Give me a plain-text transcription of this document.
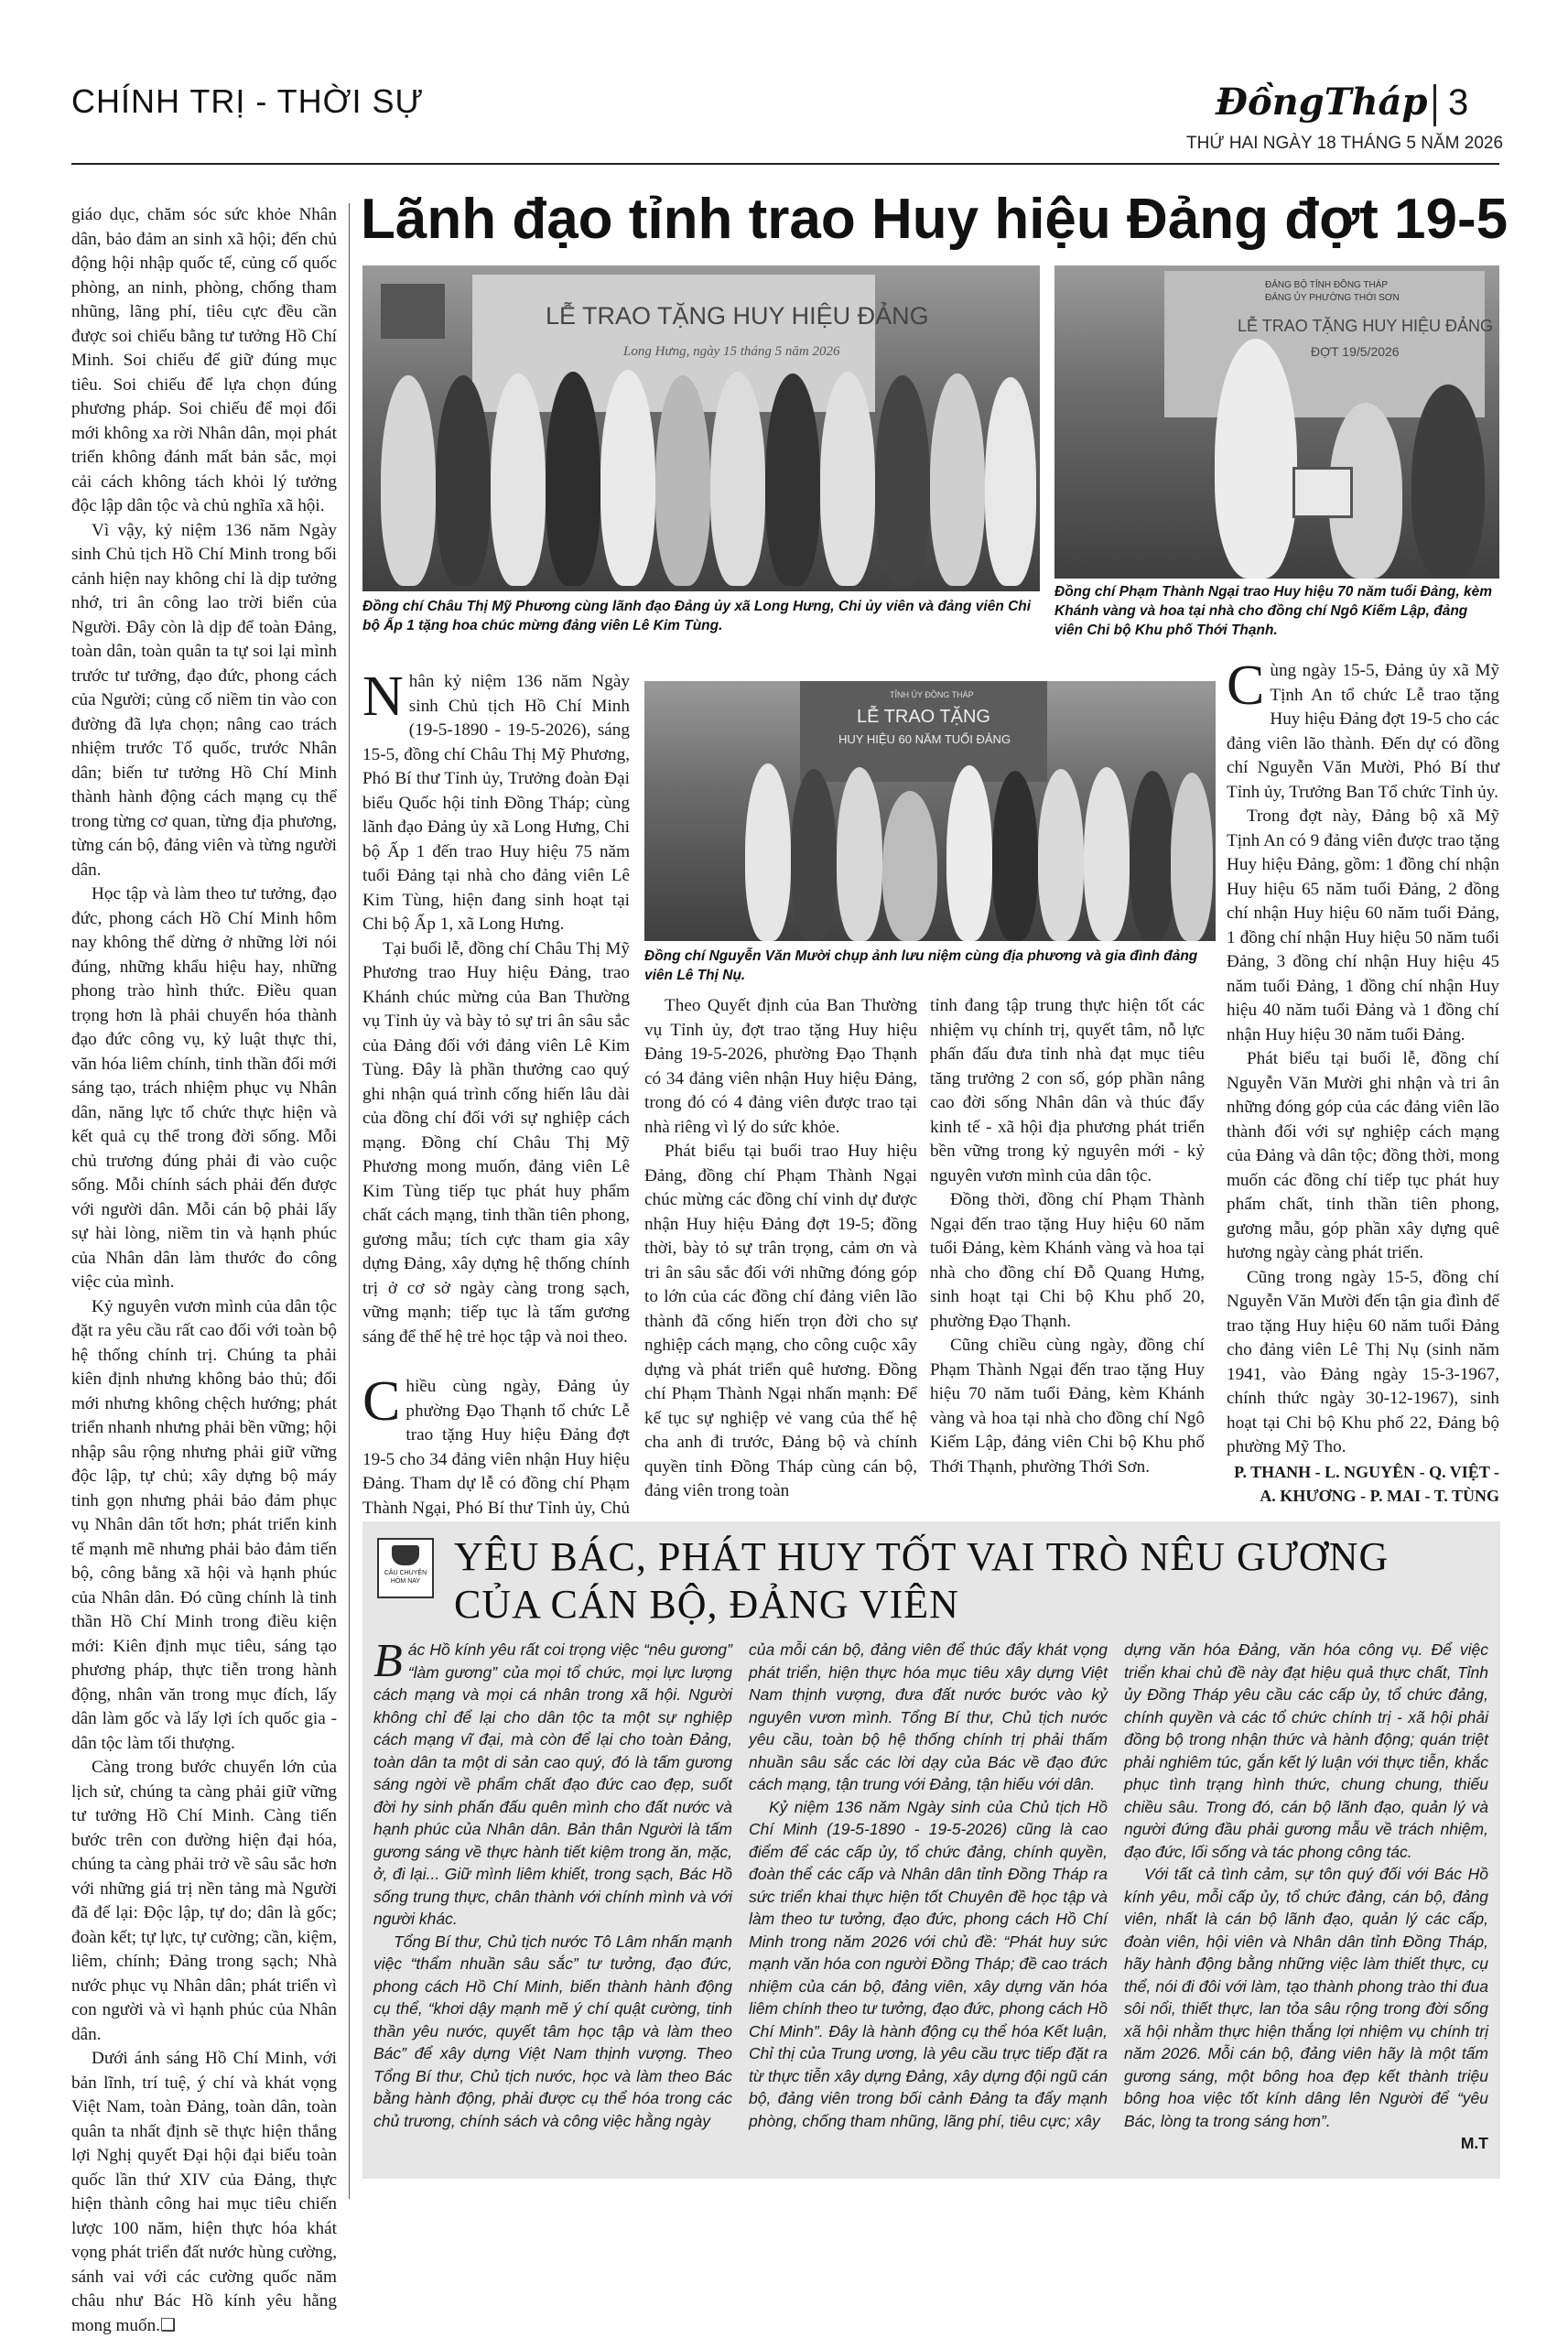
CHÍNH TRỊ - THỜI SỰ	ĐồngTháp 3
THỨ HAI NGÀY 18 THÁNG 5 NĂM 2026

giáo dục, chăm sóc sức khỏe Nhân dân, bảo đảm an sinh xã hội; đến chủ động hội nhập quốc tế, củng cố quốc phòng, an ninh, phòng, chống tham nhũng, lãng phí, tiêu cực đều cần được soi chiếu bằng tư tưởng Hồ Chí Minh. Soi chiếu để giữ đúng mục tiêu. Soi chiếu để lựa chọn đúng phương pháp. Soi chiếu để mọi đổi mới không xa rời Nhân dân, mọi phát triển không đánh mất bản sắc, mọi cải cách không tách khỏi lý tưởng độc lập dân tộc và chủ nghĩa xã hội.

Vì vậy, kỷ niệm 136 năm Ngày sinh Chủ tịch Hồ Chí Minh trong bối cảnh hiện nay không chỉ là dịp tưởng nhớ, tri ân công lao trời biển của Người. Đây còn là dịp để toàn Đảng, toàn dân, toàn quân ta tự soi lại mình trước tư tưởng, đạo đức, phong cách của Người; củng cố niềm tin vào con đường đã lựa chọn; nâng cao trách nhiệm trước Tổ quốc, trước Nhân dân; biến tư tưởng Hồ Chí Minh thành hành động cách mạng cụ thể trong từng cơ quan, từng địa phương, từng cán bộ, đảng viên và từng người dân.

Học tập và làm theo tư tưởng, đạo đức, phong cách Hồ Chí Minh hôm nay không thể dừng ở những lời nói đúng, những khẩu hiệu hay, những phong trào hình thức. Điều quan trọng hơn là phải chuyển hóa thành đạo đức công vụ, kỷ luật thực thi, văn hóa liêm chính, tinh thần đổi mới sáng tạo, trách nhiệm phục vụ Nhân dân, năng lực tổ chức thực hiện và kết quả cụ thể trong đời sống. Mỗi chủ trương đúng phải đi vào cuộc sống. Mỗi chính sách phải đến được với người dân. Mỗi cán bộ phải lấy sự hài lòng, niềm tin và hạnh phúc của Nhân dân làm thước đo công việc của mình.

Kỷ nguyên vươn mình của dân tộc đặt ra yêu cầu rất cao đối với toàn bộ hệ thống chính trị. Chúng ta phải kiên định nhưng không bảo thủ; đổi mới nhưng không chệch hướng; phát triển nhanh nhưng phải bền vững; hội nhập sâu rộng nhưng phải giữ vững độc lập, tự chủ; xây dựng bộ máy tinh gọn nhưng phải bảo đảm phục vụ Nhân dân tốt hơn; phát triển kinh tế mạnh mẽ nhưng phải bảo đảm tiến bộ, công bằng xã hội và hạnh phúc của Nhân dân. Đó cũng chính là tinh thần Hồ Chí Minh trong điều kiện mới: Kiên định mục tiêu, sáng tạo phương pháp, thực tiễn trong hành động, nhân văn trong mục đích, lấy dân làm gốc và lấy lợi ích quốc gia - dân tộc làm tối thượng.

Càng trong bước chuyển lớn của lịch sử, chúng ta càng phải giữ vững tư tưởng Hồ Chí Minh. Càng tiến bước trên con đường hiện đại hóa, chúng ta càng phải trở về sâu sắc hơn với những giá trị nền tảng mà Người đã để lại: Độc lập, tự do; dân là gốc; đoàn kết; tự lực, tự cường; cần, kiệm, liêm, chính; Đảng trong sạch; Nhà nước phục vụ Nhân dân; phát triển vì con người và vì hạnh phúc của Nhân dân.

Dưới ánh sáng Hồ Chí Minh, với bản lĩnh, trí tuệ, ý chí và khát vọng Việt Nam, toàn Đảng, toàn dân, toàn quân ta nhất định sẽ thực hiện thắng lợi Nghị quyết Đại hội đại biểu toàn quốc lần thứ XIV của Đảng, thực hiện thành công hai mục tiêu chiến lược 100 năm, hiện thực hóa khát vọng phát triển đất nước hùng cường, sánh vai với các cường quốc năm châu như Bác Hồ kính yêu hằng mong muốn.❑

Lãnh đạo tỉnh trao Huy hiệu Đảng đợt 19-5
LỄ TRAO TẶNG HUY HIỆU ĐẢNG
Long Hưng, ngày 15 tháng 5 năm 2026
Đồng chí Châu Thị Mỹ Phương cùng lãnh đạo Đảng ủy xã Long Hưng, Chi ủy viên và đảng viên Chi bộ Ấp 1 tặng hoa chúc mừng đảng viên Lê Kim Tùng.
ĐẢNG BỘ TỈNH ĐỒNG THÁP
ĐẢNG ỦY PHƯỜNG THỚI SƠN
LỄ TRAO TẶNG HUY HIỆU ĐẢNG
ĐỢT 19/5/2026
Đồng chí Phạm Thành Ngại trao Huy hiệu 70 năm tuổi Đảng, kèm Khánh vàng và hoa tại nhà cho đồng chí Ngô Kiếm Lập, đảng viên Chi bộ Khu phố Thới Thạnh.
TỈNH ỦY ĐỒNG THÁP
LỄ TRAO TẶNG
HUY HIỆU 60 NĂM TUỔI ĐẢNG
Đồng chí Nguyễn Văn Mười chụp ảnh lưu niệm cùng địa phương và gia đình đảng viên Lê Thị Nụ.

Nhân kỷ niệm 136 năm Ngày sinh Chủ tịch Hồ Chí Minh (19-5-1890 - 19-5-2026), sáng 15-5, đồng chí Châu Thị Mỹ Phương, Phó Bí thư Tỉnh ủy, Trưởng đoàn Đại biểu Quốc hội tỉnh Đồng Tháp; cùng lãnh đạo Đảng ủy xã Long Hưng, Chi bộ Ấp 1 đến trao Huy hiệu 75 năm tuổi Đảng tại nhà cho đảng viên Lê Kim Tùng, hiện đang sinh hoạt tại Chi bộ Ấp 1, xã Long Hưng.

Tại buổi lễ, đồng chí Châu Thị Mỹ Phương trao Huy hiệu Đảng, trao Khánh chúc mừng của Ban Thường vụ Tỉnh ủy và bày tỏ sự tri ân sâu sắc của Đảng đối với đảng viên Lê Kim Tùng. Đây là phần thưởng cao quý ghi nhận quá trình cống hiến lâu dài của đồng chí đối với sự nghiệp cách mạng. Đồng chí Châu Thị Mỹ Phương mong muốn, đảng viên Lê Kim Tùng tiếp tục phát huy phẩm chất cách mạng, tinh thần tiên phong, gương mẫu; tích cực tham gia xây dựng Đảng, xây dựng hệ thống chính trị ở cơ sở ngày càng trong sạch, vững mạnh; tiếp tục là tấm gương sáng để thế hệ trẻ học tập và noi theo.

Chiều cùng ngày, Đảng ủy phường Đạo Thạnh tổ chức Lễ trao tặng Huy hiệu Đảng đợt 19-5 cho 34 đảng viên nhận Huy hiệu Đảng. Tham dự lễ có đồng chí Phạm Thành Ngại, Phó Bí thư Tỉnh ủy, Chủ

Theo Quyết định của Ban Thường vụ Tỉnh ủy, đợt trao tặng Huy hiệu Đảng 19-5-2026, phường Đạo Thạnh có 34 đảng viên nhận Huy hiệu Đảng, trong đó có 4 đảng viên được trao tại nhà riêng vì lý do sức khỏe.

Phát biểu tại buổi trao Huy hiệu Đảng, đồng chí Phạm Thành Ngại chúc mừng các đồng chí vinh dự được nhận Huy hiệu Đảng đợt 19-5; đồng thời, bày tỏ sự trân trọng, cảm ơn và tri ân sâu sắc đối với những đóng góp to lớn của các đồng chí đảng viên lão thành đã cống hiến trọn đời cho sự nghiệp cách mạng, cho công cuộc xây dựng và phát triển quê hương. Đồng chí Phạm Thành Ngại nhấn mạnh: Để kế tục sự nghiệp vẻ vang của thế hệ cha anh đi trước, Đảng bộ và chính quyền tỉnh Đồng Tháp cùng cán bộ, đảng viên trong toàn

tỉnh đang tập trung thực hiện tốt các nhiệm vụ chính trị, quyết tâm, nỗ lực phấn đấu đưa tỉnh nhà đạt mục tiêu tăng trưởng 2 con số, góp phần nâng cao đời sống Nhân dân và thúc đẩy kinh tế - xã hội địa phương phát triển bền vững trong kỷ nguyên mới - kỷ nguyên vươn mình của dân tộc.

Đồng thời, đồng chí Phạm Thành Ngại đến trao tặng Huy hiệu 60 năm tuổi Đảng, kèm Khánh vàng và hoa tại nhà cho đồng chí Đỗ Quang Hưng, sinh hoạt tại Chi bộ Khu phố 20, phường Đạo Thạnh.

Cũng chiều cùng ngày, đồng chí Phạm Thành Ngại đến trao tặng Huy hiệu 70 năm tuổi Đảng, kèm Khánh vàng và hoa tại nhà cho đồng chí Ngô Kiếm Lập, đảng viên Chi bộ Khu phố Thới Thạnh, phường Thới Sơn.

Cùng ngày 15-5, Đảng ủy xã Mỹ Tịnh An tổ chức Lễ trao tặng Huy hiệu Đảng đợt 19-5 cho các đảng viên lão thành. Đến dự có đồng chí Nguyễn Văn Mười, Phó Bí thư Tỉnh ủy, Trưởng Ban Tổ chức Tỉnh ủy.

Trong đợt này, Đảng bộ xã Mỹ Tịnh An có 9 đảng viên được trao tặng Huy hiệu Đảng, gồm: 1 đồng chí nhận Huy hiệu 65 năm tuổi Đảng, 2 đồng chí nhận Huy hiệu 60 năm tuổi Đảng, 1 đồng chí nhận Huy hiệu 50 năm tuổi Đảng, 3 đồng chí nhận Huy hiệu 45 năm tuổi Đảng, 1 đồng chí nhận Huy hiệu 40 năm tuổi Đảng và 1 đồng chí nhận Huy hiệu 30 năm tuổi Đảng.

Phát biểu tại buổi lễ, đồng chí Nguyễn Văn Mười ghi nhận và tri ân những đóng góp của các đảng viên lão thành đối với sự nghiệp cách mạng của Đảng và dân tộc; đồng thời, mong muốn các đồng chí tiếp tục phát huy phẩm chất, tinh thần tiên phong, gương mẫu, góp phần xây dựng quê hương ngày càng phát triển.

Cũng trong ngày 15-5, đồng chí Nguyễn Văn Mười đến tận gia đình để trao tặng Huy hiệu 60 năm tuổi Đảng cho đảng viên Lê Thị Nụ (sinh năm 1941, vào Đảng ngày 15-3-1967, chính thức ngày 30-12-1967), sinh hoạt tại Chi bộ Khu phố 22, Đảng bộ phường Mỹ Tho.

P. THANH - L. NGUYÊN - Q. VIỆT -
A. KHƯƠNG - P. MAI - T. TÙNG
CÂU CHUYỆN HÔM NAY
YÊU BÁC, PHÁT HUY TỐT VAI TRÒ NÊU GƯƠNG
CỦA CÁN BỘ, ĐẢNG VIÊN

Bác Hồ kính yêu rất coi trọng việc “nêu gương” “làm gương” của mọi tổ chức, mọi lực lượng cách mạng và mọi cá nhân trong xã hội. Người không chỉ để lại cho dân tộc ta một sự nghiệp cách mạng vĩ đại, mà còn để lại cho toàn Đảng, toàn dân ta một di sản cao quý, đó là tấm gương sáng ngời về phẩm chất đạo đức cao đẹp, suốt đời hy sinh phấn đấu quên mình cho đất nước và hạnh phúc của Nhân dân. Bản thân Người là tấm gương sáng về thực hành tiết kiệm trong ăn, mặc, ở, đi lại... Giữ mình liêm khiết, trong sạch, Bác Hồ sống trung thực, chân thành với chính mình và với người khác.

Tổng Bí thư, Chủ tịch nước Tô Lâm nhấn mạnh việc “thẩm nhuần sâu sắc” tư tưởng, đạo đức, phong cách Hồ Chí Minh, biến thành hành động cụ thể, “khơi dậy mạnh mẽ ý chí quật cường, tinh thần yêu nước, quyết tâm học tập và làm theo Bác” để xây dựng Việt Nam thịnh vượng. Theo Tổng Bí thư, Chủ tịch nước, học và làm theo Bác bằng hành động, phải được cụ thể hóa trong các chủ trương, chính sách và công việc hằng ngày

của mỗi cán bộ, đảng viên để thúc đẩy khát vọng phát triển, hiện thực hóa mục tiêu xây dựng Việt Nam thịnh vượng, đưa đất nước bước vào kỷ nguyên vươn mình. Tổng Bí thư, Chủ tịch nước yêu cầu, toàn bộ hệ thống chính trị phải thấm nhuần sâu sắc các lời dạy của Bác về đạo đức cách mạng, tận trung với Đảng, tận hiếu với dân.

Kỷ niệm 136 năm Ngày sinh của Chủ tịch Hồ Chí Minh (19-5-1890 - 19-5-2026) cũng là cao điểm để các cấp ủy, tổ chức đảng, chính quyền, đoàn thể các cấp và Nhân dân tỉnh Đồng Tháp ra sức triển khai thực hiện tốt Chuyên đề học tập và làm theo tư tưởng, đạo đức, phong cách Hồ Chí Minh trong năm 2026 với chủ đề: “Phát huy sức mạnh văn hóa con người Đồng Tháp; đề cao trách nhiệm của cán bộ, đảng viên, xây dựng văn hóa liêm chính theo tư tưởng, đạo đức, phong cách Hồ Chí Minh”. Đây là hành động cụ thể hóa Kết luận, Chỉ thị của Trung ương, là yêu cầu trực tiếp đặt ra từ thực tiễn xây dựng Đảng, xây dựng đội ngũ cán bộ, đảng viên trong bối cảnh Đảng ta đẩy mạnh phòng, chống tham nhũng, lãng phí, tiêu cực; xây

dựng văn hóa Đảng, văn hóa công vụ. Để việc triển khai chủ đề này đạt hiệu quả thực chất, Tỉnh ủy Đồng Tháp yêu cầu các cấp ủy, tổ chức đảng, chính quyền và các tổ chức chính trị - xã hội phải đồng bộ trong nhận thức và hành động; quán triệt phải nghiêm túc, gắn kết lý luận với thực tiễn, khắc phục tình trạng hình thức, chung chung, thiếu chiều sâu. Trong đó, cán bộ lãnh đạo, quản lý và người đứng đầu phải gương mẫu về trách nhiệm, đạo đức, lối sống và tác phong công tác.

Với tất cả tình cảm, sự tôn quý đối với Bác Hồ kính yêu, mỗi cấp ủy, tổ chức đảng, cán bộ, đảng viên, nhất là cán bộ lãnh đạo, quản lý các cấp, đoàn viên, hội viên và Nhân dân tỉnh Đồng Tháp, hãy hành động bằng những việc làm thiết thực, cụ thể, nói đi đôi với làm, tạo thành phong trào thi đua sôi nổi, thiết thực, lan tỏa sâu rộng trong đời sống xã hội nhằm thực hiện thắng lợi nhiệm vụ chính trị năm 2026. Mỗi cán bộ, đảng viên hãy là một tấm gương sáng, một bông hoa đẹp kết thành triệu bông hoa việc tốt kính dâng lên Người để “yêu Bác, lòng ta trong sáng hơn”.

M.T
